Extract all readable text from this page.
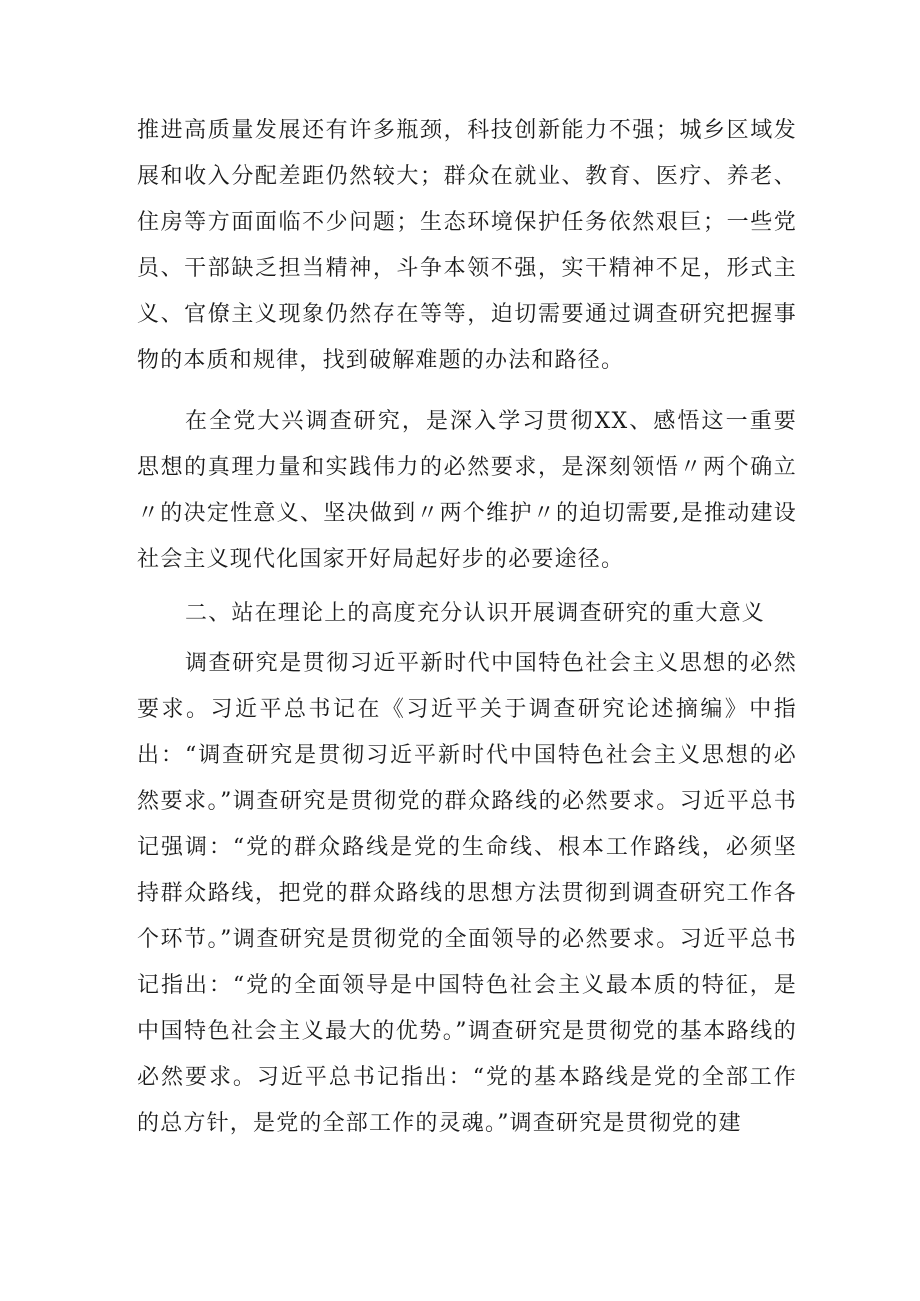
推进高质量发展还有许多瓶颈，科技创新能力不强；城乡区域发展和收入分配差距仍然较大；群众在就业、教育、医疗、养老、住房等方面面临不少问题；生态环境保护任务依然艰巨；一些党员、干部缺乏担当精神，斗争本领不强，实干精神不足，形式主义、官僚主义现象仍然存在等等，迫切需要通过调查研究把握事物的本质和规律，找到破解难题的办法和路径。

在全党大兴调查研究，是深入学习贯彻XX、感悟这一重要思想的真理力量和实践伟力的必然要求，是深刻领悟〃两个确立〃的决定性意义、坚决做到〃两个维护〃的迫切需要,是推动建设社会主义现代化国家开好局起好步的必要途径。

二、站在理论上的高度充分认识开展调查研究的重大意义

调查研究是贯彻习近平新时代中国特色社会主义思想的必然要求。习近平总书记在《习近平关于调查研究论述摘编》中指出：“调查研究是贯彻习近平新时代中国特色社会主义思想的必然要求。”调查研究是贯彻党的群众路线的必然要求。习近平总书记强调：“党的群众路线是党的生命线、根本工作路线，必须坚持群众路线，把党的群众路线的思想方法贯彻到调查研究工作各个环节。”调查研究是贯彻党的全面领导的必然要求。习近平总书记指出：“党的全面领导是中国特色社会主义最本质的特征，是中国特色社会主义最大的优势。”调查研究是贯彻党的基本路线的必然要求。习近平总书记指出：“党的基本路线是党的全部工作的总方针，是党的全部工作的灵魂。”调查研究是贯彻党的建
